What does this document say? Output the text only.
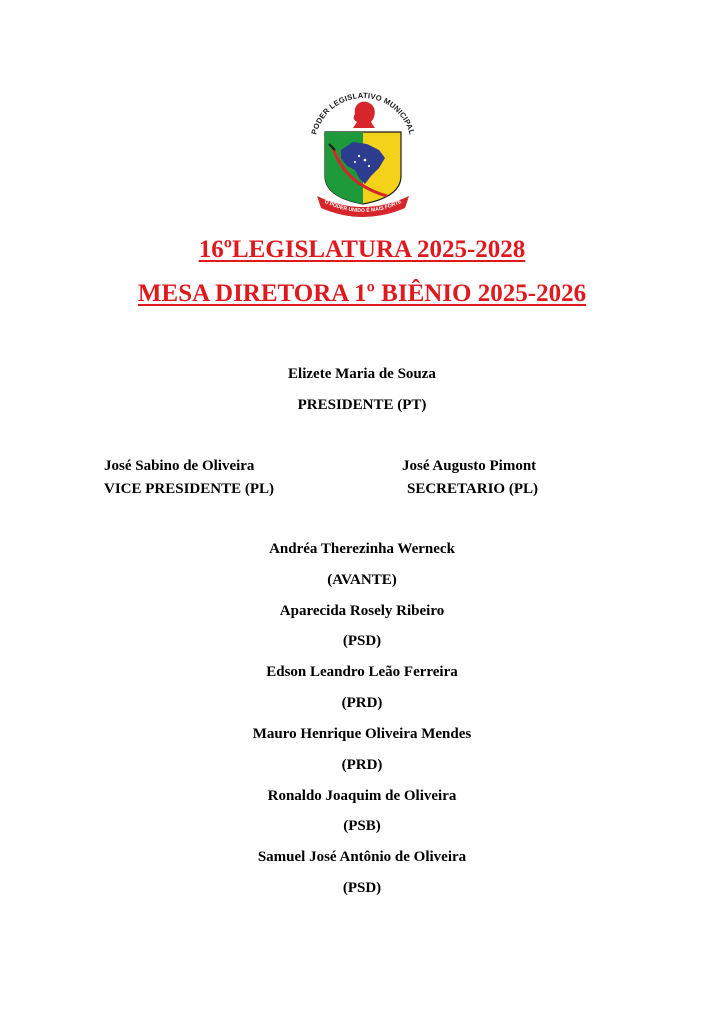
PODER LEGISLATIVO MUNICIPAL
O PODER UNIDO É MAIS FORTE
16ºLEGISLATURA 2025-2028
MESA DIRETORA 1º BIÊNIO 2025-2026
Elizete Maria de Souza
PRESIDENTE (PT)
José Sabino de Oliveira
VICE PRESIDENTE (PL)
José Augusto Pimont
SECRETARIO (PL)
Andréa Therezinha Werneck
(AVANTE)
Aparecida Rosely Ribeiro
(PSD)
Edson Leandro Leão Ferreira
(PRD)
Mauro Henrique Oliveira Mendes
(PRD)
Ronaldo Joaquim de Oliveira
(PSB)
Samuel José Antônio de Oliveira
(PSD)
